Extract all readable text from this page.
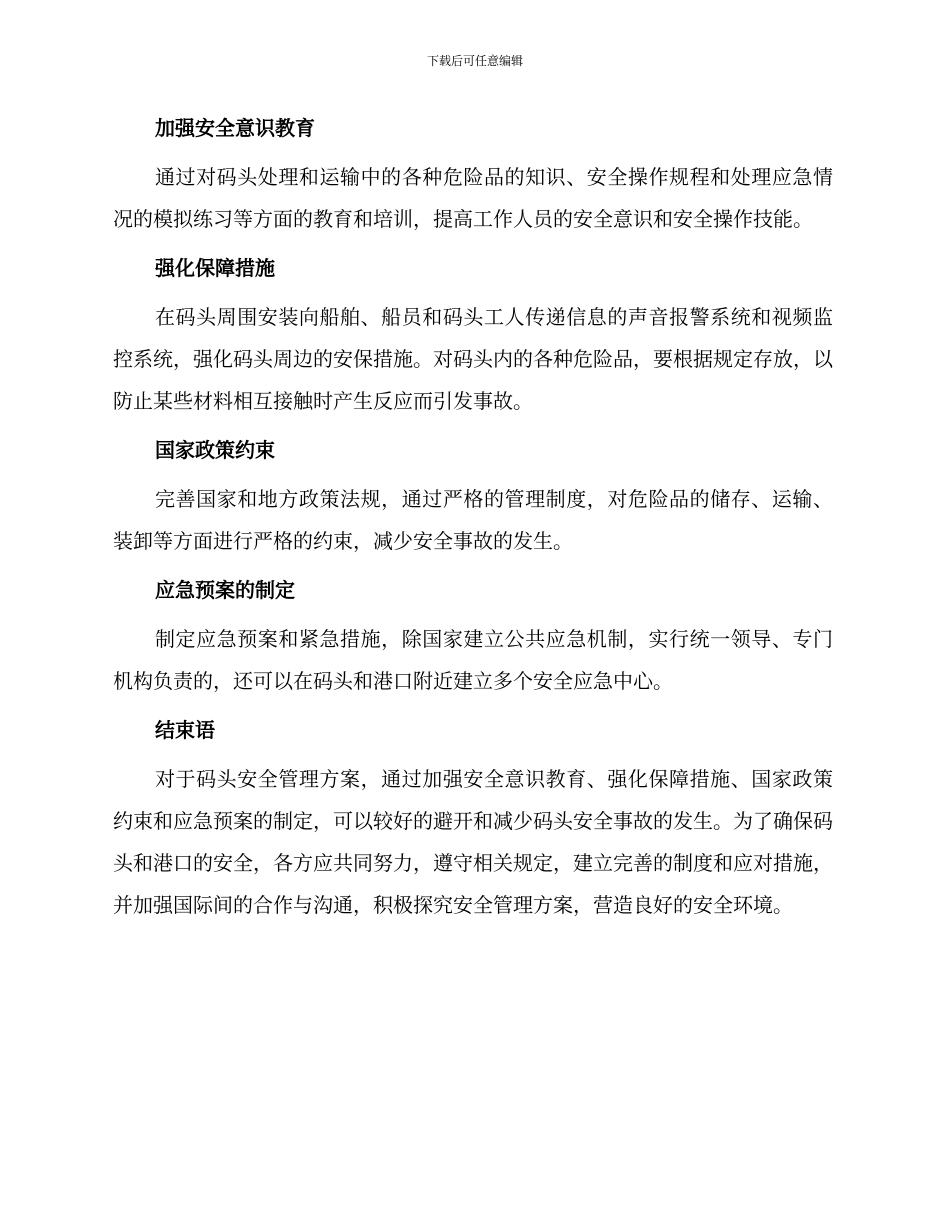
下载后可任意编辑
加强安全意识教育

通过对码头处理和运输中的各种危险品的知识、安全操作规程和处理应急情况的模拟练习等方面的教育和培训，提高工作人员的安全意识和安全操作技能。

强化保障措施

在码头周围安装向船舶、船员和码头工人传递信息的声音报警系统和视频监控系统，强化码头周边的安保措施。对码头内的各种危险品，要根据规定存放，以防止某些材料相互接触时产生反应而引发事故。

国家政策约束

完善国家和地方政策法规，通过严格的管理制度，对危险品的储存、运输、装卸等方面进行严格的约束，减少安全事故的发生。

应急预案的制定

制定应急预案和紧急措施，除国家建立公共应急机制，实行统一领导、专门机构负责的，还可以在码头和港口附近建立多个安全应急中心。

结束语

对于码头安全管理方案，通过加强安全意识教育、强化保障措施、国家政策约束和应急预案的制定，可以较好的避开和减少码头安全事故的发生。为了确保码头和港口的安全，各方应共同努力，遵守相关规定，建立完善的制度和应对措施，并加强国际间的合作与沟通，积极探究安全管理方案，营造良好的安全环境。
